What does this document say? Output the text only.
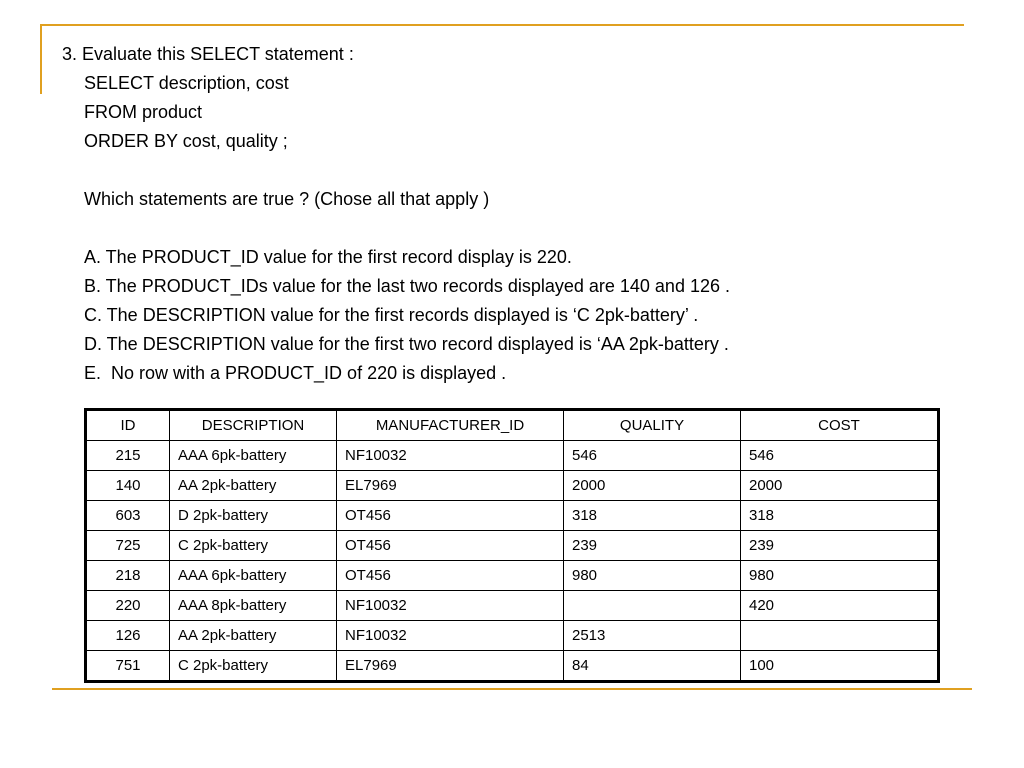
3. Evaluate this SELECT statement :
SELECT description, cost
FROM product
ORDER BY cost, quality ;
Which statements are true ? (Chose all that apply )
A. The PRODUCT_ID value for the first record display is 220.
B. The PRODUCT_IDs value for the last two records displayed are 140 and 126 .
C. The DESCRIPTION value for the first records displayed is ‘C 2pk-battery’ .
D. The DESCRIPTION value for the first two record displayed is ‘AA 2pk-battery .
E.  No row with a PRODUCT_ID of 220 is displayed .
ID	DESCRIPTION	MANUFACTURER_ID	QUALITY	COST
215	AAA 6pk-battery	NF10032	546	546
140	AA 2pk-battery	EL7969	2000	2000
603	D 2pk-battery	OT456	318	318
725	C 2pk-battery	OT456	239	239
218	AAA 6pk-battery	OT456	980	980
220	AAA 8pk-battery	NF10032		420
126	AA 2pk-battery	NF10032	2513	
751	C 2pk-battery	EL7969	84	100
